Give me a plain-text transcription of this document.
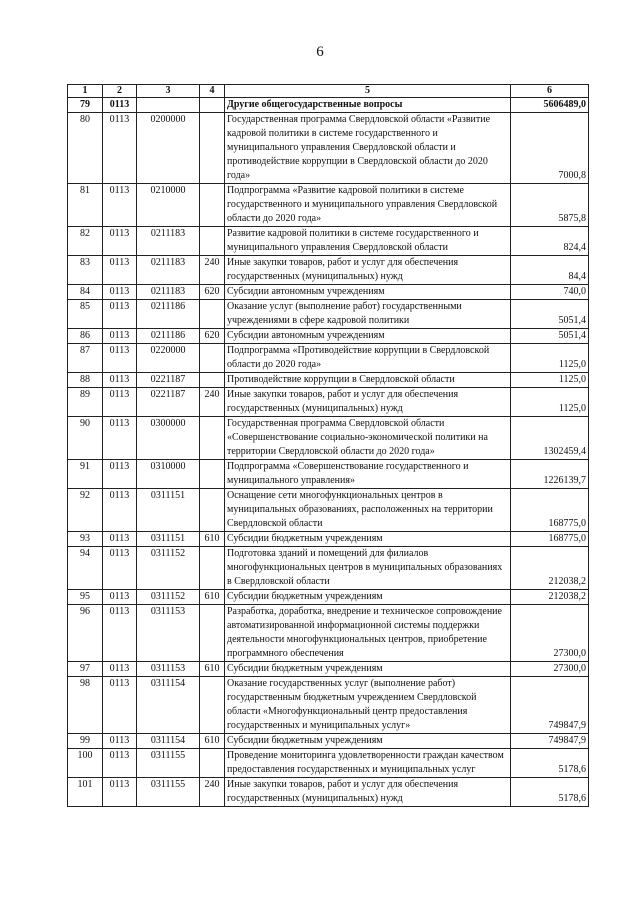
6
1	2	3	4	5	6
79	0113			Другие общегосударственные вопросы	5606489,0
80	0113	0200000		Государственная программа Свердловской области «Развитие кадровой политики в системе государственного и муниципального управления Свердловской области и противодействие коррупции в Свердловской области до 2020 года»	7000,8
81	0113	0210000		Подпрограмма «Развитие кадровой политики в системе государственного и муниципального управления Свердловской области до 2020 года»	5875,8
82	0113	0211183		Развитие кадровой политики в системе государственного и муниципального управления Свердловской области	824,4
83	0113	0211183	240	Иные закупки товаров, работ и услуг для обеспечения государственных (муниципальных) нужд	84,4
84	0113	0211183	620	Субсидии автономным учреждениям	740,0
85	0113	0211186		Оказание услуг (выполнение работ) государственными учреждениями в сфере кадровой политики	5051,4
86	0113	0211186	620	Субсидии автономным учреждениям	5051,4
87	0113	0220000		Подпрограмма «Противодействие коррупции в Свердловской области до 2020 года»	1125,0
88	0113	0221187		Противодействие коррупции в Свердловской области	1125,0
89	0113	0221187	240	Иные закупки товаров, работ и услуг для обеспечения государственных (муниципальных) нужд	1125,0
90	0113	0300000		Государственная программа Свердловской области «Совершенствование социально-экономической политики на территории Свердловской области до 2020 года»	1302459,4
91	0113	0310000		Подпрограмма «Совершенствование государственного и муниципального управления»	1226139,7
92	0113	0311151		Оснащение сети многофункциональных центров в муниципальных образованиях, расположенных на территории Свердловской области	168775,0
93	0113	0311151	610	Субсидии бюджетным учреждениям	168775,0
94	0113	0311152		Подготовка зданий и помещений для филиалов многофункциональных центров в муниципальных образованиях в Свердловской области	212038,2
95	0113	0311152	610	Субсидии бюджетным учреждениям	212038,2
96	0113	0311153		Разработка, доработка, внедрение и техническое сопровождение автоматизированной информационной системы поддержки деятельности многофункциональных центров, приобретение программного обеспечения	27300,0
97	0113	0311153	610	Субсидии бюджетным учреждениям	27300,0
98	0113	0311154		Оказание государственных услуг (выполнение работ) государственным бюджетным учреждением Свердловской области «Многофункциональный центр предоставления государственных и муниципальных услуг»	749847,9
99	0113	0311154	610	Субсидии бюджетным учреждениям	749847,9
100	0113	0311155		Проведение мониторинга удовлетворенности граждан качеством предоставления государственных и муниципальных услуг	5178,6
101	0113	0311155	240	Иные закупки товаров, работ и услуг для обеспечения государственных (муниципальных) нужд	5178,6
